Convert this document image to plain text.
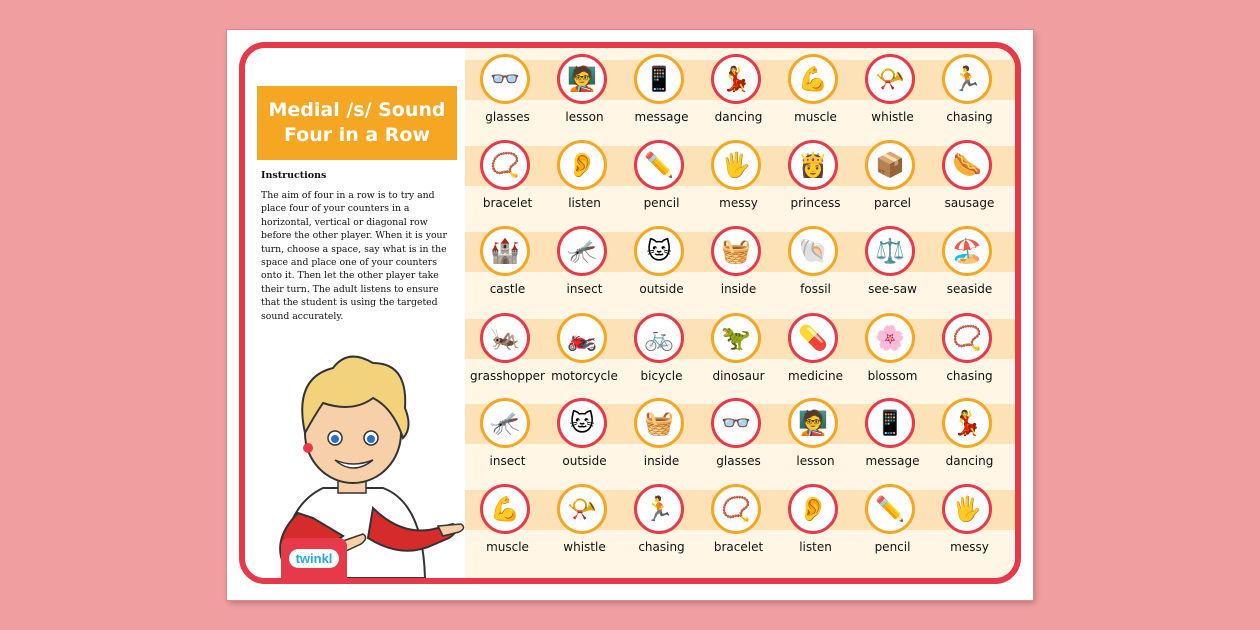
Medial /s/ Sound
Four in a Row
Instructions
The aim of four in a row is to try and place four of your counters in a horizontal, vertical or diagonal row before the other player. When it is your turn, choose a space, say what is in the space and place one of your counters onto it. Then let the other player take their turn. The adult listens to ensure that the student is using the targeted sound accurately.
twinkl
👓
glasses
🧑‍🏫
lesson
📱
message
💃
dancing
💪
muscle
📯
whistle
🏃
chasing
📿
bracelet
👂
listen
✏️
pencil
🖐️
messy
👸
princess
📦
parcel
🌭
sausage
🏰
castle
🦟
insect
🐱
outside
🧺
inside
🐚
fossil
⚖️
see-saw
🏖️
seaside
🦗
grasshopper
🏍️
motorcycle
🚲
bicycle
🦖
dinosaur
💊
medicine
🌸
blossom
📿
chasing
🦟
insect
🐱
outside
🧺
inside
👓
glasses
🧑‍🏫
lesson
📱
message
💃
dancing
💪
muscle
📯
whistle
🏃
chasing
📿
bracelet
👂
listen
✏️
pencil
🖐️
messy
